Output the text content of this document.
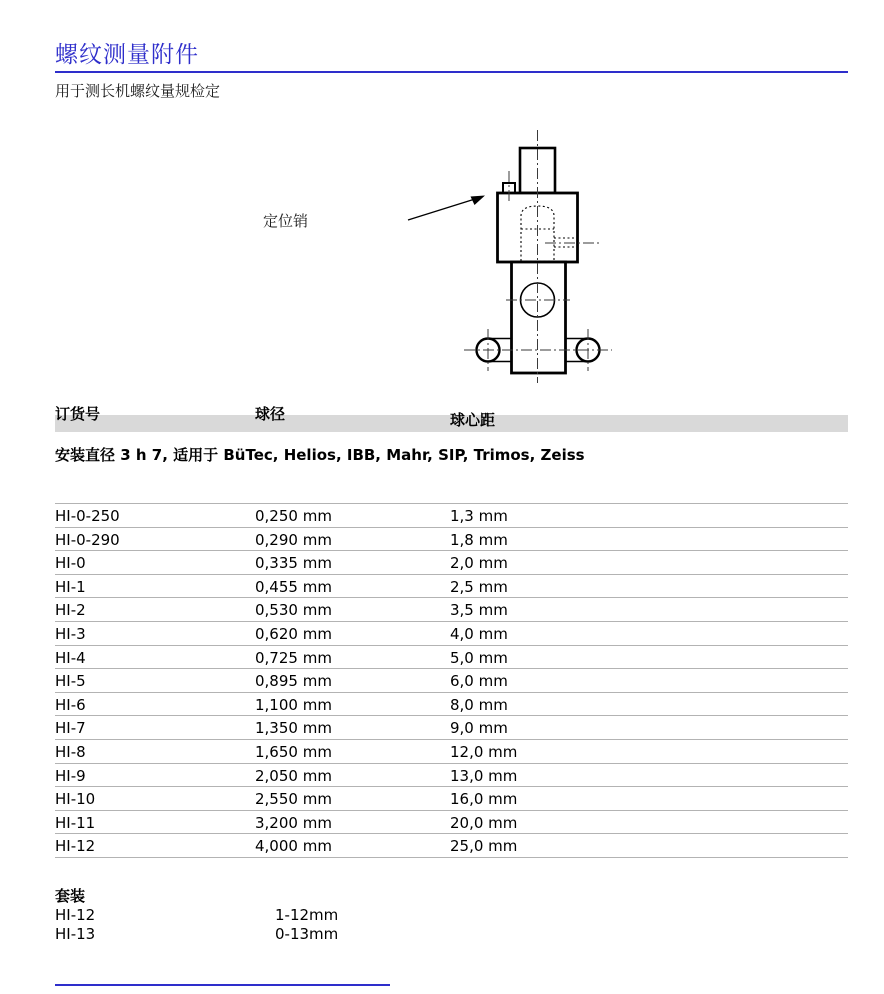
螺纹测量附件
用于测长机螺纹量规检定
定位销
订货号	球径	球心距
安装直径 3 h 7, 适用于 BüTec, Helios, IBB, Mahr, SIP, Trimos, Zeiss
HI-0-250	0,250 mm	1,3 mm
HI-0-290	0,290 mm	1,8 mm
HI-0	0,335 mm	2,0 mm
HI-1	0,455 mm	2,5 mm
HI-2	0,530 mm	3,5 mm
HI-3	0,620 mm	4,0 mm
HI-4	0,725 mm	5,0 mm
HI-5	0,895 mm	6,0 mm
HI-6	1,100 mm	8,0 mm
HI-7	1,350 mm	9,0 mm
HI-8	1,650 mm	12,0 mm
HI-9	2,050 mm	13,0 mm
HI-10	2,550 mm	16,0 mm
HI-11	3,200 mm	20,0 mm
HI-12	4,000 mm	25,0 mm
套装
HI-12	1-12mm
HI-13	0-13mm
